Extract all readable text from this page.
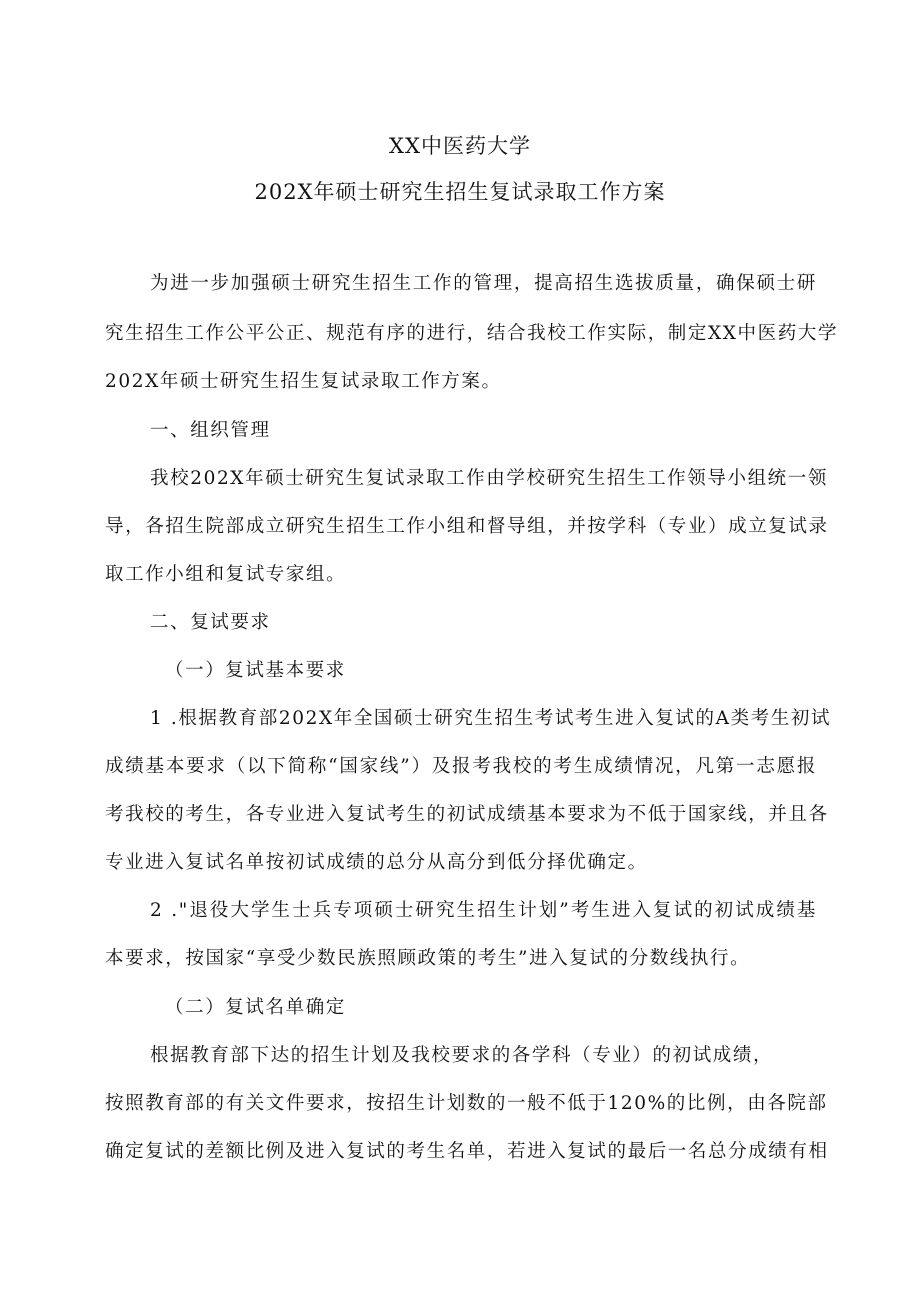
XX中医药大学
202X年硕士研究生招生复试录取工作方案
为进一步加强硕士研究生招生工作的管理，提高招生选拔质量，确保硕士研
究生招生工作公平公正、规范有序的进行，结合我校工作实际，制定XX中医药大学
202X年硕士研究生招生复试录取工作方案。
一、组织管理
我校202X年硕士研究生复试录取工作由学校研究生招生工作领导小组统一领
导，各招生院部成立研究生招生工作小组和督导组，并按学科（专业）成立复试录
取工作小组和复试专家组。
二、复试要求
（一）复试基本要求
1 .根据教育部202X年全国硕士研究生招生考试考生进入复试的A类考生初试
成绩基本要求（以下简称“国家线”）及报考我校的考生成绩情况，凡第一志愿报
考我校的考生，各专业进入复试考生的初试成绩基本要求为不低于国家线，并且各
专业进入复试名单按初试成绩的总分从高分到低分择优确定。
2 ."退役大学生士兵专项硕士研究生招生计划”考生进入复试的初试成绩基
本要求，按国家“享受少数民族照顾政策的考生”进入复试的分数线执行。
（二）复试名单确定
根据教育部下达的招生计划及我校要求的各学科（专业）的初试成绩，
按照教育部的有关文件要求，按招生计划数的一般不低于120%的比例，由各院部
确定复试的差额比例及进入复试的考生名单，若进入复试的最后一名总分成绩有相
